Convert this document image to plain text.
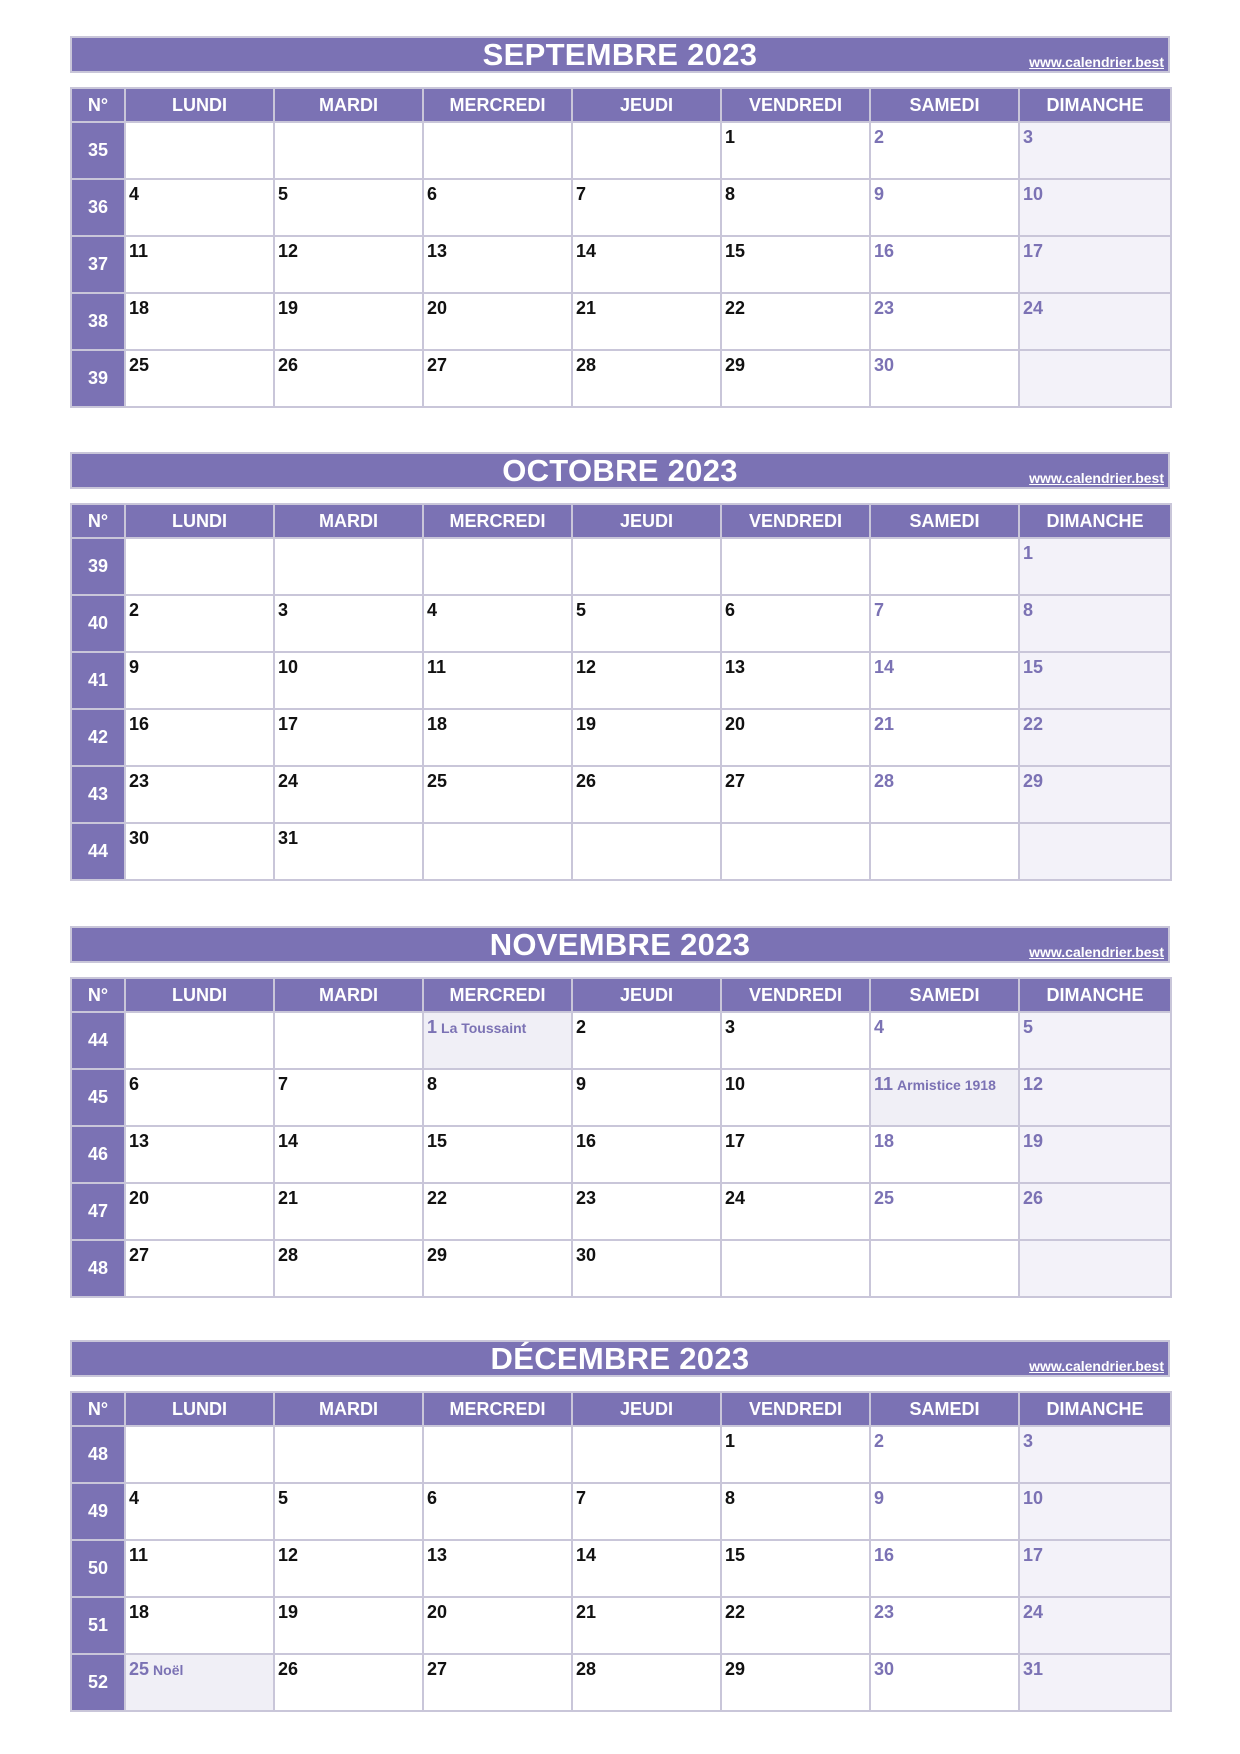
SEPTEMBRE 2023	www.calendrier.best
N°	LUNDI	MARDI	MERCREDI	JEUDI	VENDREDI	SAMEDI	DIMANCHE
35					1	2	3
36	4	5	6	7	8	9	10
37	11	12	13	14	15	16	17
38	18	19	20	21	22	23	24
39	25	26	27	28	29	30	
OCTOBRE 2023	www.calendrier.best
N°	LUNDI	MARDI	MERCREDI	JEUDI	VENDREDI	SAMEDI	DIMANCHE
39							1
40	2	3	4	5	6	7	8
41	9	10	11	12	13	14	15
42	16	17	18	19	20	21	22
43	23	24	25	26	27	28	29
44	30	31					
NOVEMBRE 2023	www.calendrier.best
N°	LUNDI	MARDI	MERCREDI	JEUDI	VENDREDI	SAMEDI	DIMANCHE
44			1 La Toussaint	2	3	4	5
45	6	7	8	9	10	11 Armistice 1918	12
46	13	14	15	16	17	18	19
47	20	21	22	23	24	25	26
48	27	28	29	30			
DÉCEMBRE 2023	www.calendrier.best
N°	LUNDI	MARDI	MERCREDI	JEUDI	VENDREDI	SAMEDI	DIMANCHE
48					1	2	3
49	4	5	6	7	8	9	10
50	11	12	13	14	15	16	17
51	18	19	20	21	22	23	24
52	25 Noël	26	27	28	29	30	31
